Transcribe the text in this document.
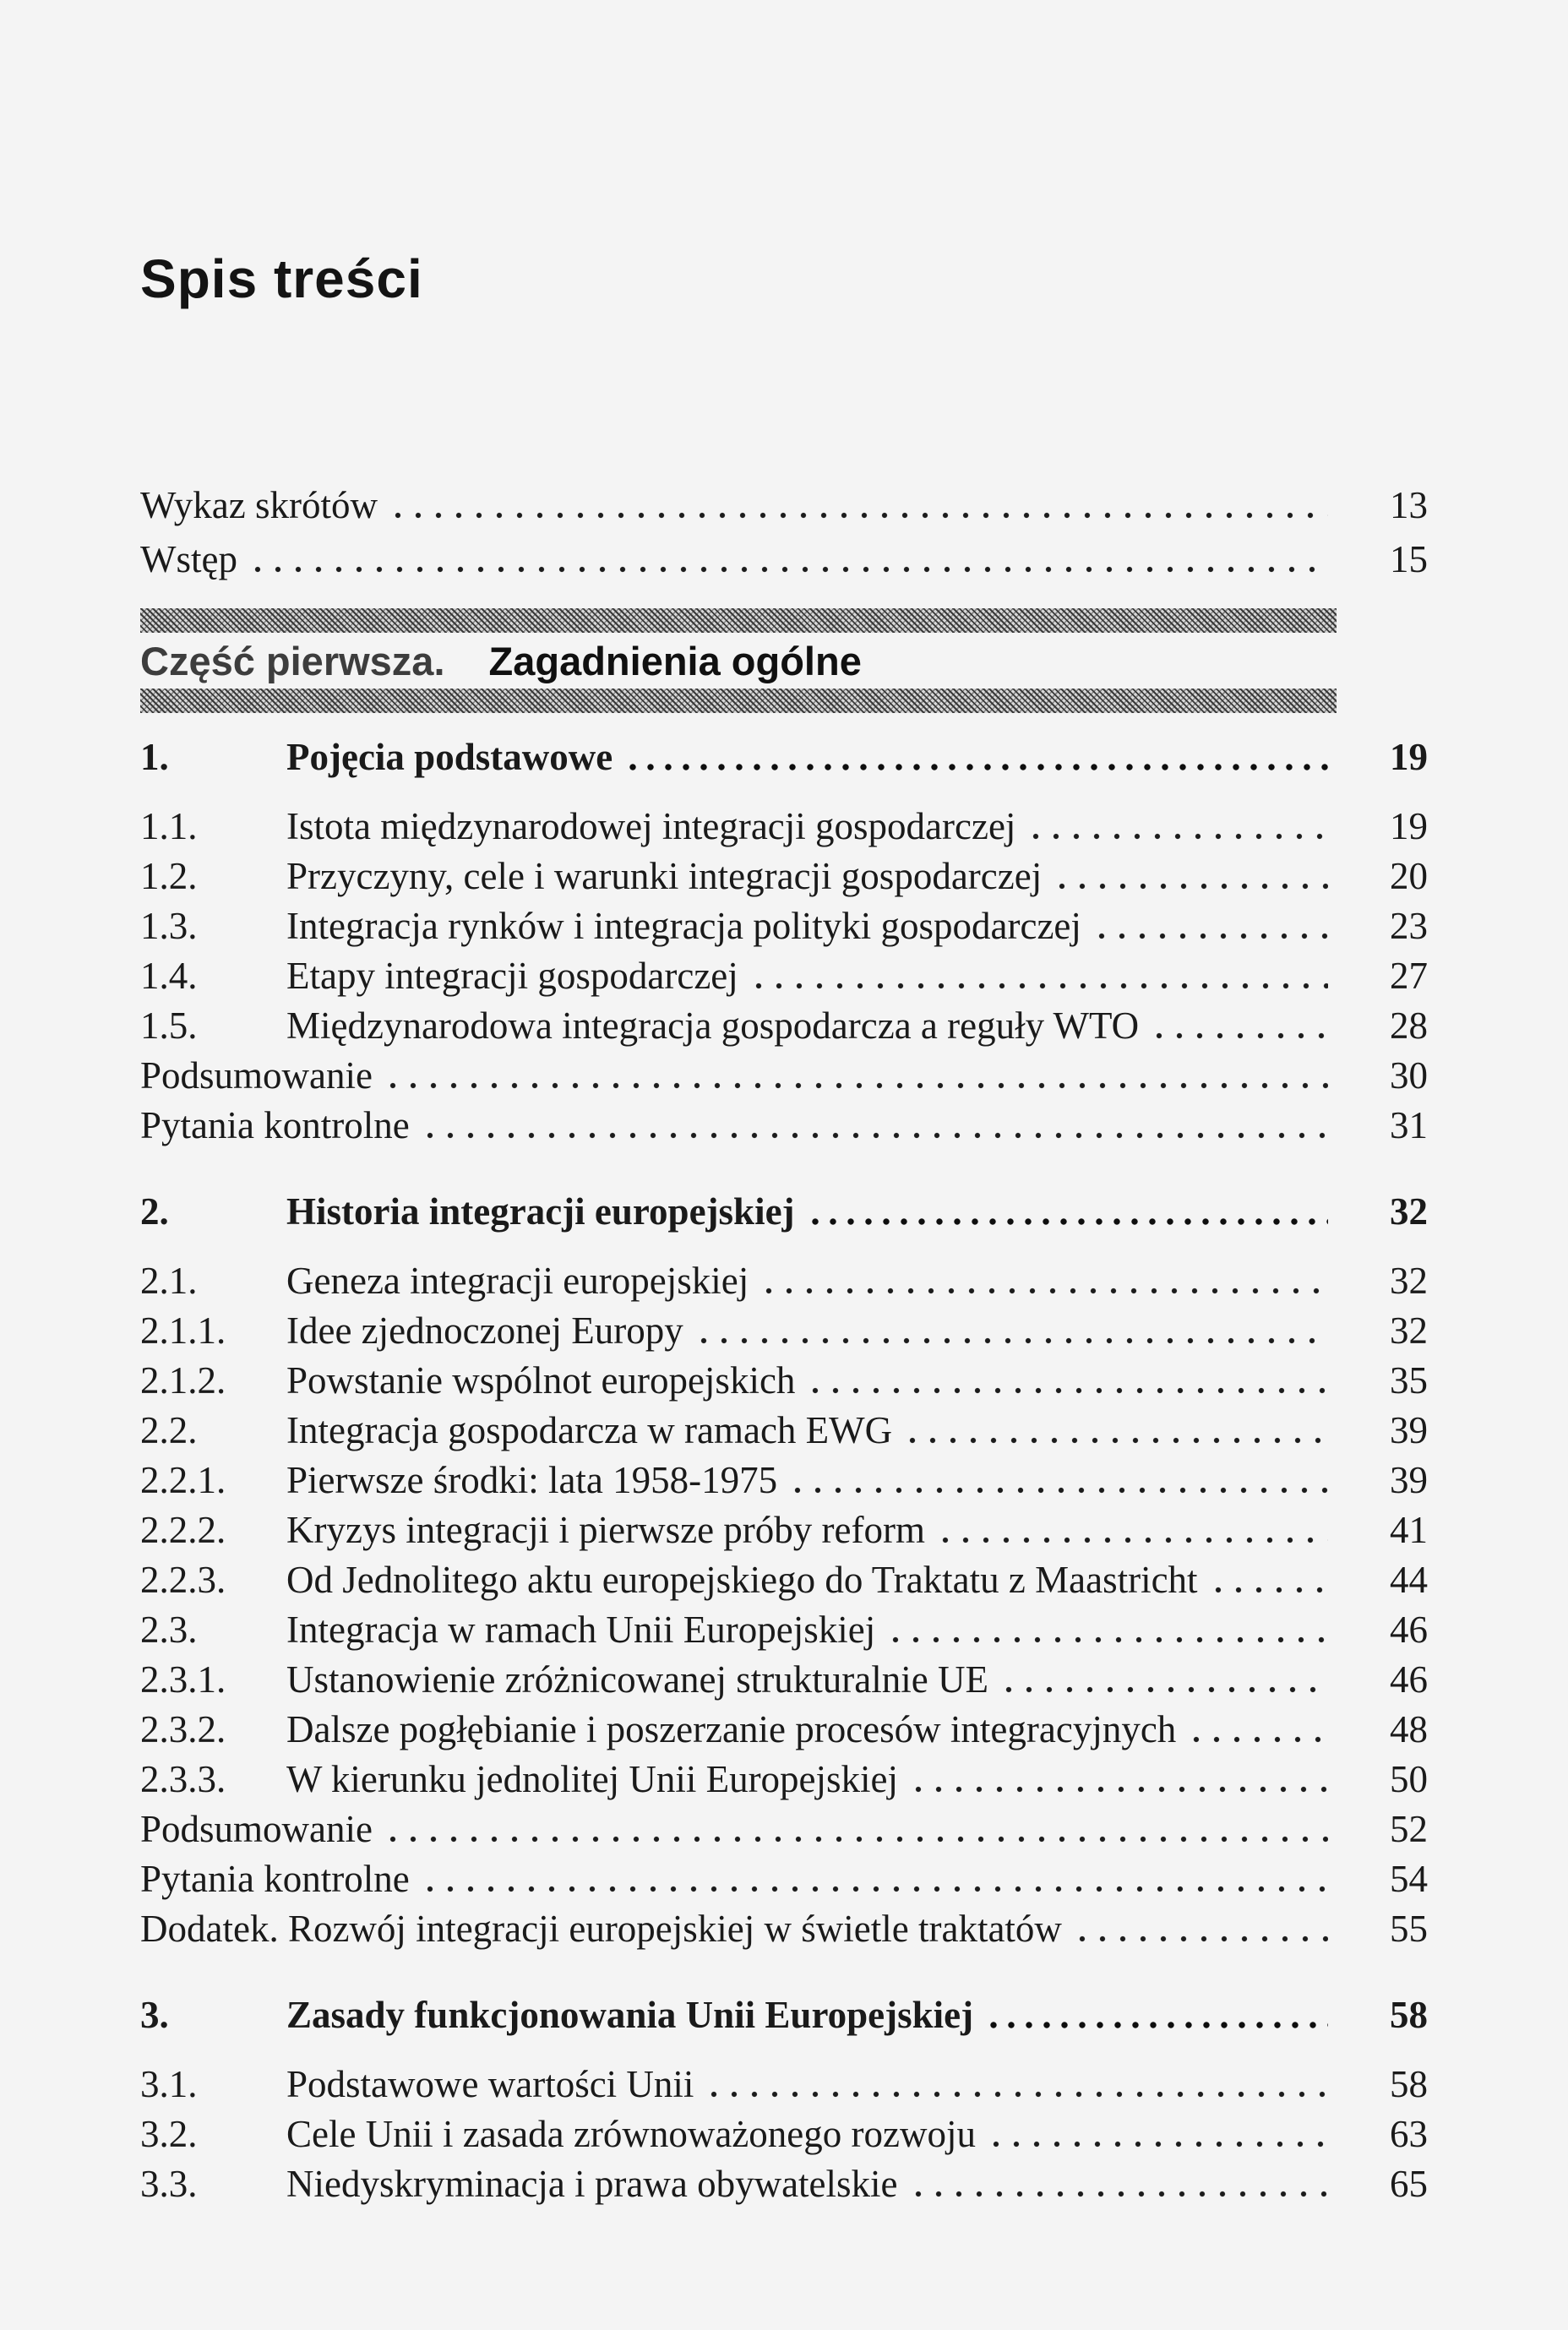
Spis treści
Wykaz skrótów	13
Wstęp	15
Część pierwsza. Zagadnienia ogólne
1.	Pojęcia podstawowe	19
1.1.	Istota międzynarodowej integracji gospodarczej	19
1.2.	Przyczyny, cele i warunki integracji gospodarczej	20
1.3.	Integracja rynków i integracja polityki gospodarczej	23
1.4.	Etapy integracji gospodarczej	27
1.5.	Międzynarodowa integracja gospodarcza a reguły WTO	28
Podsumowanie	30
Pytania kontrolne	31
2.	Historia integracji europejskiej	32
2.1.	Geneza integracji europejskiej	32
2.1.1.	Idee zjednoczonej Europy	32
2.1.2.	Powstanie wspólnot europejskich	35
2.2.	Integracja gospodarcza w ramach EWG	39
2.2.1.	Pierwsze środki: lata 1958-1975	39
2.2.2.	Kryzys integracji i pierwsze próby reform	41
2.2.3.	Od Jednolitego aktu europejskiego do Traktatu z Maastricht	44
2.3.	Integracja w ramach Unii Europejskiej	46
2.3.1.	Ustanowienie zróżnicowanej strukturalnie UE	46
2.3.2.	Dalsze pogłębianie i poszerzanie procesów integracyjnych	48
2.3.3.	W kierunku jednolitej Unii Europejskiej	50
Podsumowanie	52
Pytania kontrolne	54
Dodatek. Rozwój integracji europejskiej w świetle traktatów	55
3.	Zasady funkcjonowania Unii Europejskiej	58
3.1.	Podstawowe wartości Unii	58
3.2.	Cele Unii i zasada zrównoważonego rozwoju	63
3.3.	Niedyskryminacja i prawa obywatelskie	65
